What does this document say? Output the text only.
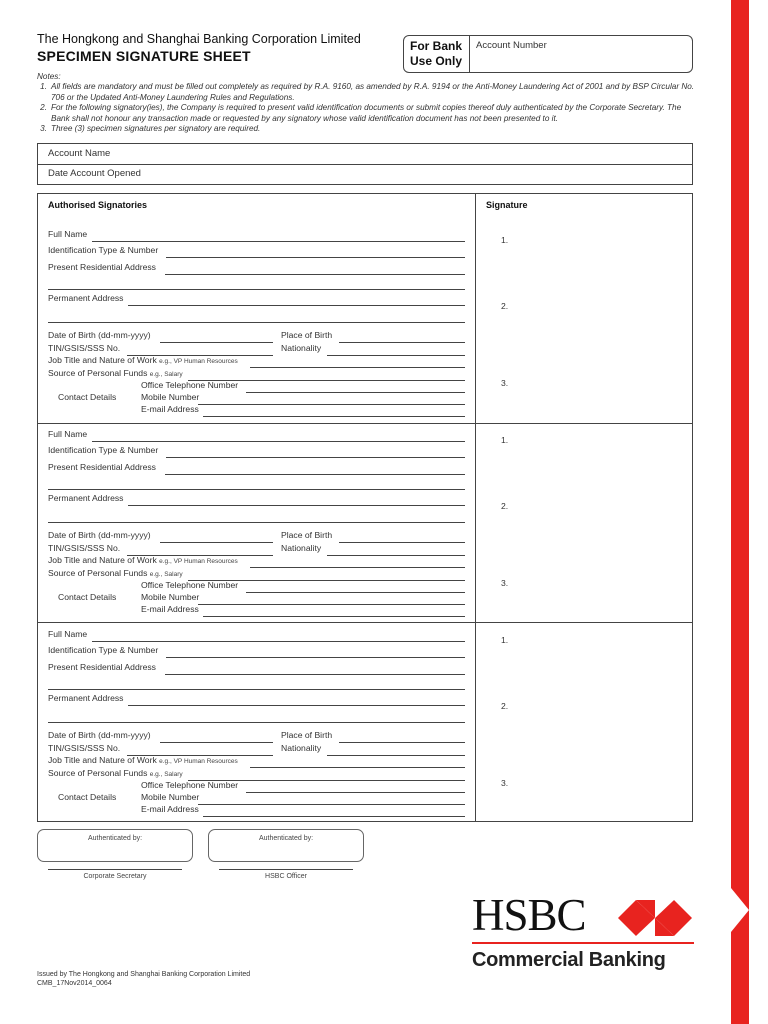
The Hongkong and Shanghai Banking Corporation Limited
SPECIMEN SIGNATURE SHEET
For Bank
Use Only
Account Number
Notes:
1. All fields are mandatory and must be filled out completely as required by R.A. 9160, as amended by R.A. 9194 or the Anti-Money Laundering Act of 2001 and by BSP Circular No. 706 or the Updated Anti-Money Laundering Rules and Regulations.
2. For the following signatory(ies), the Company is required to present valid identification documents or submit copies thereof duly authenticated by the Corporate Secretary. The Bank shall not honour any transaction made or requested by any signatory whose valid identification document has not been presented to it.
3. Three (3) specimen signatures per signatory are required.
Account Name
Date Account Opened
Authorised Signatories	Signature
Full Name
Identification Type & Number
Present Residential Address
Permanent Address
Date of Birth (dd-mm-yyyy)	Place of Birth
TIN/GSIS/SSS No.	Nationality
Job Title and Nature of Work e.g., VP Human Resources
Source of Personal Funds e.g., Salary
Office Telephone Number
Contact Details	Mobile Number
E-mail Address
1.
2.
3.
Full Name
Identification Type & Number
Present Residential Address
Permanent Address
Date of Birth (dd-mm-yyyy)	Place of Birth
TIN/GSIS/SSS No.	Nationality
Job Title and Nature of Work e.g., VP Human Resources
Source of Personal Funds e.g., Salary
Office Telephone Number
Contact Details	Mobile Number
E-mail Address
1.
2.
3.
Full Name
Identification Type & Number
Present Residential Address
Permanent Address
Date of Birth (dd-mm-yyyy)	Place of Birth
TIN/GSIS/SSS No.	Nationality
Job Title and Nature of Work e.g., VP Human Resources
Source of Personal Funds e.g., Salary
Office Telephone Number
Contact Details	Mobile Number
E-mail Address
1.
2.
3.
Authenticated by:
Corporate Secretary
Authenticated by:
HSBC Officer
HSBC
Commercial Banking
Issued by The Hongkong and Shanghai Banking Corporation Limited
CMB_17Nov2014_0064
